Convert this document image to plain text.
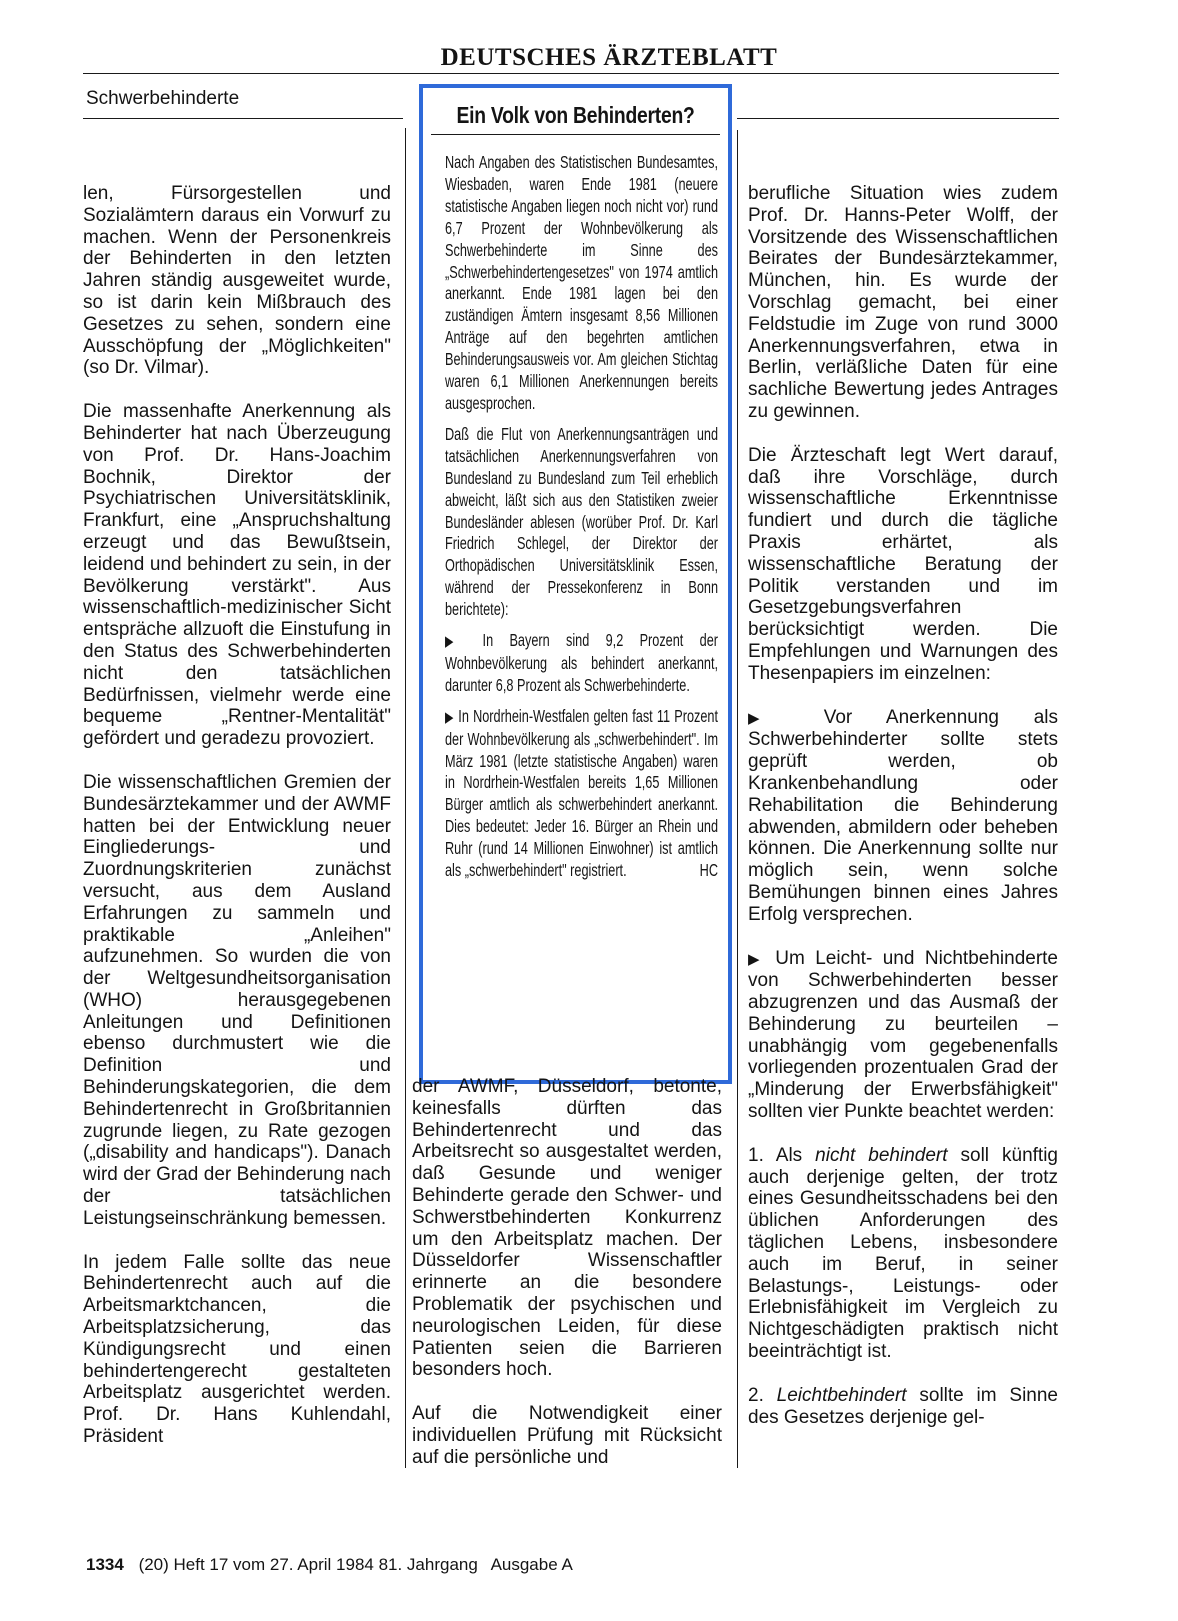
DEUTSCHES ÄRZTEBLATT
Schwerbehinderte

len, Fürsorgestellen und Sozialämtern daraus ein Vorwurf zu machen. Wenn der Personenkreis der Behinderten in den letzten Jahren ständig ausgeweitet wurde, so ist darin kein Mißbrauch des Gesetzes zu sehen, sondern eine Ausschöpfung der „Möglichkeiten" (so Dr. Vilmar).

Die massenhafte Anerkennung als Behinderter hat nach Überzeugung von Prof. Dr. Hans-Joachim Bochnik, Direktor der Psychiatrischen Universitätsklinik, Frankfurt, eine „Anspruchshaltung erzeugt und das Bewußtsein, leidend und behindert zu sein, in der Bevölkerung verstärkt". Aus wissenschaftlich-medizinischer Sicht entspräche allzuoft die Einstufung in den Status des Schwerbehinderten nicht den tatsächlichen Bedürfnissen, vielmehr werde eine bequeme „Rentner-Mentalität" gefördert und geradezu provoziert.

Die wissenschaftlichen Gremien der Bundesärztekammer und der AWMF hatten bei der Entwicklung neuer Eingliederungs- und Zuordnungskriterien zunächst versucht, aus dem Ausland Erfahrungen zu sammeln und praktikable „Anleihen" aufzunehmen. So wurden die von der Weltgesundheitsorganisation (WHO) herausgegebenen Anleitungen und Definitionen ebenso durchmustert wie die Definition und Behinderungskategorien, die dem Behindertenrecht in Großbritannien zugrunde liegen, zu Rate gezogen („disability and handicaps"). Danach wird der Grad der Behinderung nach der tatsächlichen Leistungseinschränkung bemessen.

In jedem Falle sollte das neue Behindertenrecht auch auf die Arbeitsmarktchancen, die Arbeitsplatzsicherung, das Kündigungsrecht und einen behindertengerecht gestalteten Arbeitsplatz ausgerichtet werden. Prof. Dr. Hans Kuhlendahl, Präsident

Ein Volk von Behinderten?

Nach Angaben des Statistischen Bundesamtes, Wiesbaden, waren Ende 1981 (neuere statistische Angaben liegen noch nicht vor) rund 6,7 Prozent der Wohnbevölkerung als Schwerbehinderte im Sinne des „Schwerbehindertengesetzes" von 1974 amtlich anerkannt. Ende 1981 lagen bei den zuständigen Ämtern insgesamt 8,56 Millionen Anträge auf den begehrten amtlichen Behinderungsausweis vor. Am gleichen Stichtag waren 6,1 Millionen Anerkennungen bereits ausgesprochen.

Daß die Flut von Anerkennungsanträgen und tatsächlichen Anerkennungsverfahren von Bundesland zu Bundesland zum Teil erheblich abweicht, läßt sich aus den Statistiken zweier Bundesländer ablesen (worüber Prof. Dr. Karl Friedrich Schlegel, der Direktor der Orthopädischen Universitätsklinik Essen, während der Pressekonferenz in Bonn berichtete):

▶ In Bayern sind 9,2 Prozent der Wohnbevölkerung als behindert anerkannt, darunter 6,8 Prozent als Schwerbehinderte.

▶ In Nordrhein-Westfalen gelten fast 11 Prozent der Wohnbevölkerung als „schwerbehindert". Im März 1981 (letzte statistische Angaben) waren in Nordrhein-Westfalen bereits 1,65 Millionen Bürger amtlich als schwerbehindert anerkannt. Dies bedeutet: Jeder 16. Bürger an Rhein und Ruhr (rund 14 Millionen Einwohner) ist amtlich als „schwerbehindert" registriert.	HC

der AWMF, Düsseldorf, betonte, keinesfalls dürften das Behindertenrecht und das Arbeitsrecht so ausgestaltet werden, daß Gesunde und weniger Behinderte gerade den Schwer- und Schwerstbehinderten Konkurrenz um den Arbeitsplatz machen. Der Düsseldorfer Wissenschaftler erinnerte an die besondere Problematik der psychischen und neurologischen Leiden, für diese Patienten seien die Barrieren besonders hoch.

Auf die Notwendigkeit einer individuellen Prüfung mit Rücksicht auf die persönliche und

berufliche Situation wies zudem Prof. Dr. Hanns-Peter Wolff, der Vorsitzende des Wissenschaftlichen Beirates der Bundesärztekammer, München, hin. Es wurde der Vorschlag gemacht, bei einer Feldstudie im Zuge von rund 3000 Anerkennungsverfahren, etwa in Berlin, verläßliche Daten für eine sachliche Bewertung jedes Antrages zu gewinnen.

Die Ärzteschaft legt Wert darauf, daß ihre Vorschläge, durch wissenschaftliche Erkenntnisse fundiert und durch die tägliche Praxis erhärtet, als wissenschaftliche Beratung der Politik verstanden und im Gesetzgebungsverfahren berücksichtigt werden. Die Empfehlungen und Warnungen des Thesenpapiers im einzelnen:

▶ Vor Anerkennung als Schwerbehinderter sollte stets geprüft werden, ob Krankenbehandlung oder Rehabilitation die Behinderung abwenden, abmildern oder beheben können. Die Anerkennung sollte nur möglich sein, wenn solche Bemühungen binnen eines Jahres Erfolg versprechen.

▶ Um Leicht- und Nichtbehinderte von Schwerbehinderten besser abzugrenzen und das Ausmaß der Behinderung zu beurteilen – unabhängig vom gegebenenfalls vorliegenden prozentualen Grad der „Minderung der Erwerbsfähigkeit" sollten vier Punkte beachtet werden:

1. Als nicht behindert soll künftig auch derjenige gelten, der trotz eines Gesundheitsschadens bei den üblichen Anforderungen des täglichen Lebens, insbesondere auch im Beruf, in seiner Belastungs-, Leistungs- oder Erlebnisfähigkeit im Vergleich zu Nichtgeschädigten praktisch nicht beeinträchtigt ist.

2. Leichtbehindert sollte im Sinne des Gesetzes derjenige gel-

1334 (20) Heft 17 vom 27. April 1984 81. Jahrgang Ausgabe A
